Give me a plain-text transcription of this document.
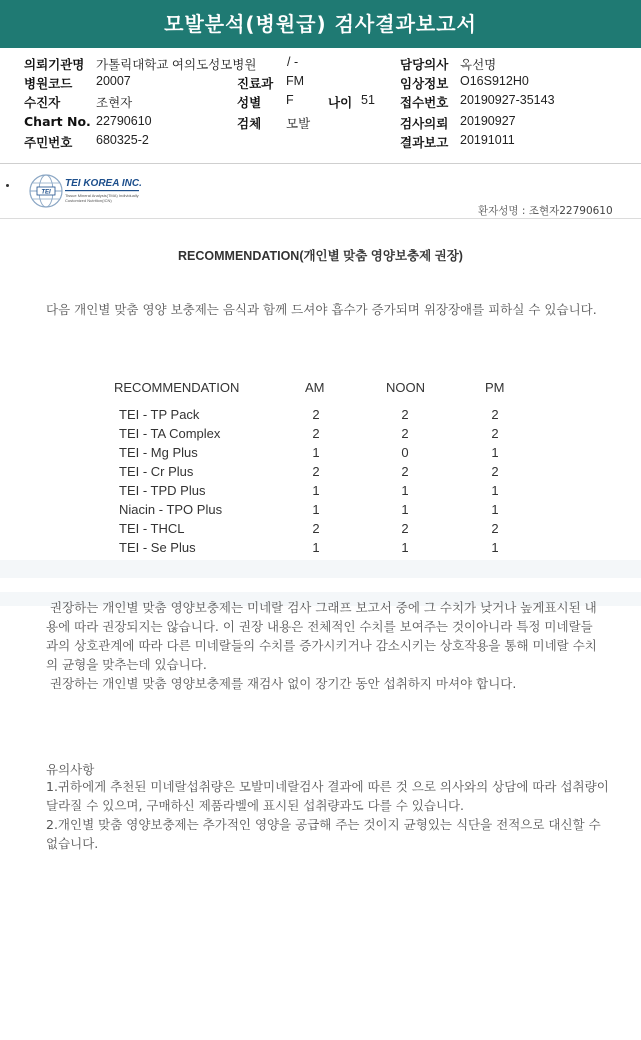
모발분석(병원급) 검사결과보고서
의뢰기관명 가톨릭대학교 여의도성모병원 / -	담당의사 옥선명
병원코드 20007	진료과 FM	임상정보 O16S912H0
수진자	조현자	성별 F	나이 51 접수번호 20190927-35143
Chart No. 22790610	검체 모발	검사의뢰 20190927
주민번호 680325-2	결과보고 20191011
TEI
TEI KOREA INC.
Tissue Mineral Analysis(TMA) Individually Customized Nutrition(ICN)
환자성명 : 조현자22790610
RECOMMENDATION(개인별 맞춤 영양보충제 권장)
다음 개인별 맞춤 영양 보충제는 음식과 함께 드셔야 흡수가 증가되며 위장장애를 피하실 수 있습니다.
RECOMMENDATION	AM	NOON	PM
TEI - TP Pack	2	2	2
TEI - TA Complex	2	2	2
TEI - Mg Plus	1	0	1
TEI - Cr Plus	2	2	2
TEI - TPD Plus	1	1	1
Niacin - TPO Plus	1	1	1
TEI - THCL	2	2	2
TEI - Se Plus	1	1	1

권장하는 개인별 맞춤 영양보충제는 미네랄 검사 그래프 보고서 중에 그 수치가 낮거나 높게표시된 내용에 따라 권장되지는 않습니다. 이 권장 내용은 전체적인 수치를 보여주는 것이아니라 특정 미네랄들과의 상호관계에 따라 다른 미네랄들의 수치를 증가시키거나 감소시키는 상호작용을 통해 미네랄 수치의 균형을 맞추는데 있습니다.

권장하는 개인별 맞춤 영양보충제를 재검사 없이 장기간 동안 섭취하지 마셔야 합니다.

유의사항

1.귀하에게 추천된 미네랄섭취량은 모발미네랄검사 결과에 따른 것 으로 의사와의 상담에 따라 섭취량이 달라질 수 있으며, 구매하신 제품라벨에 표시된 섭취량과도 다를 수 있습니다.

2.개인별 맞춤 영양보충제는 추가적인 영양을 공급해 주는 것이지 균형있는 식단을 전적으로 대신할 수 없습니다.
